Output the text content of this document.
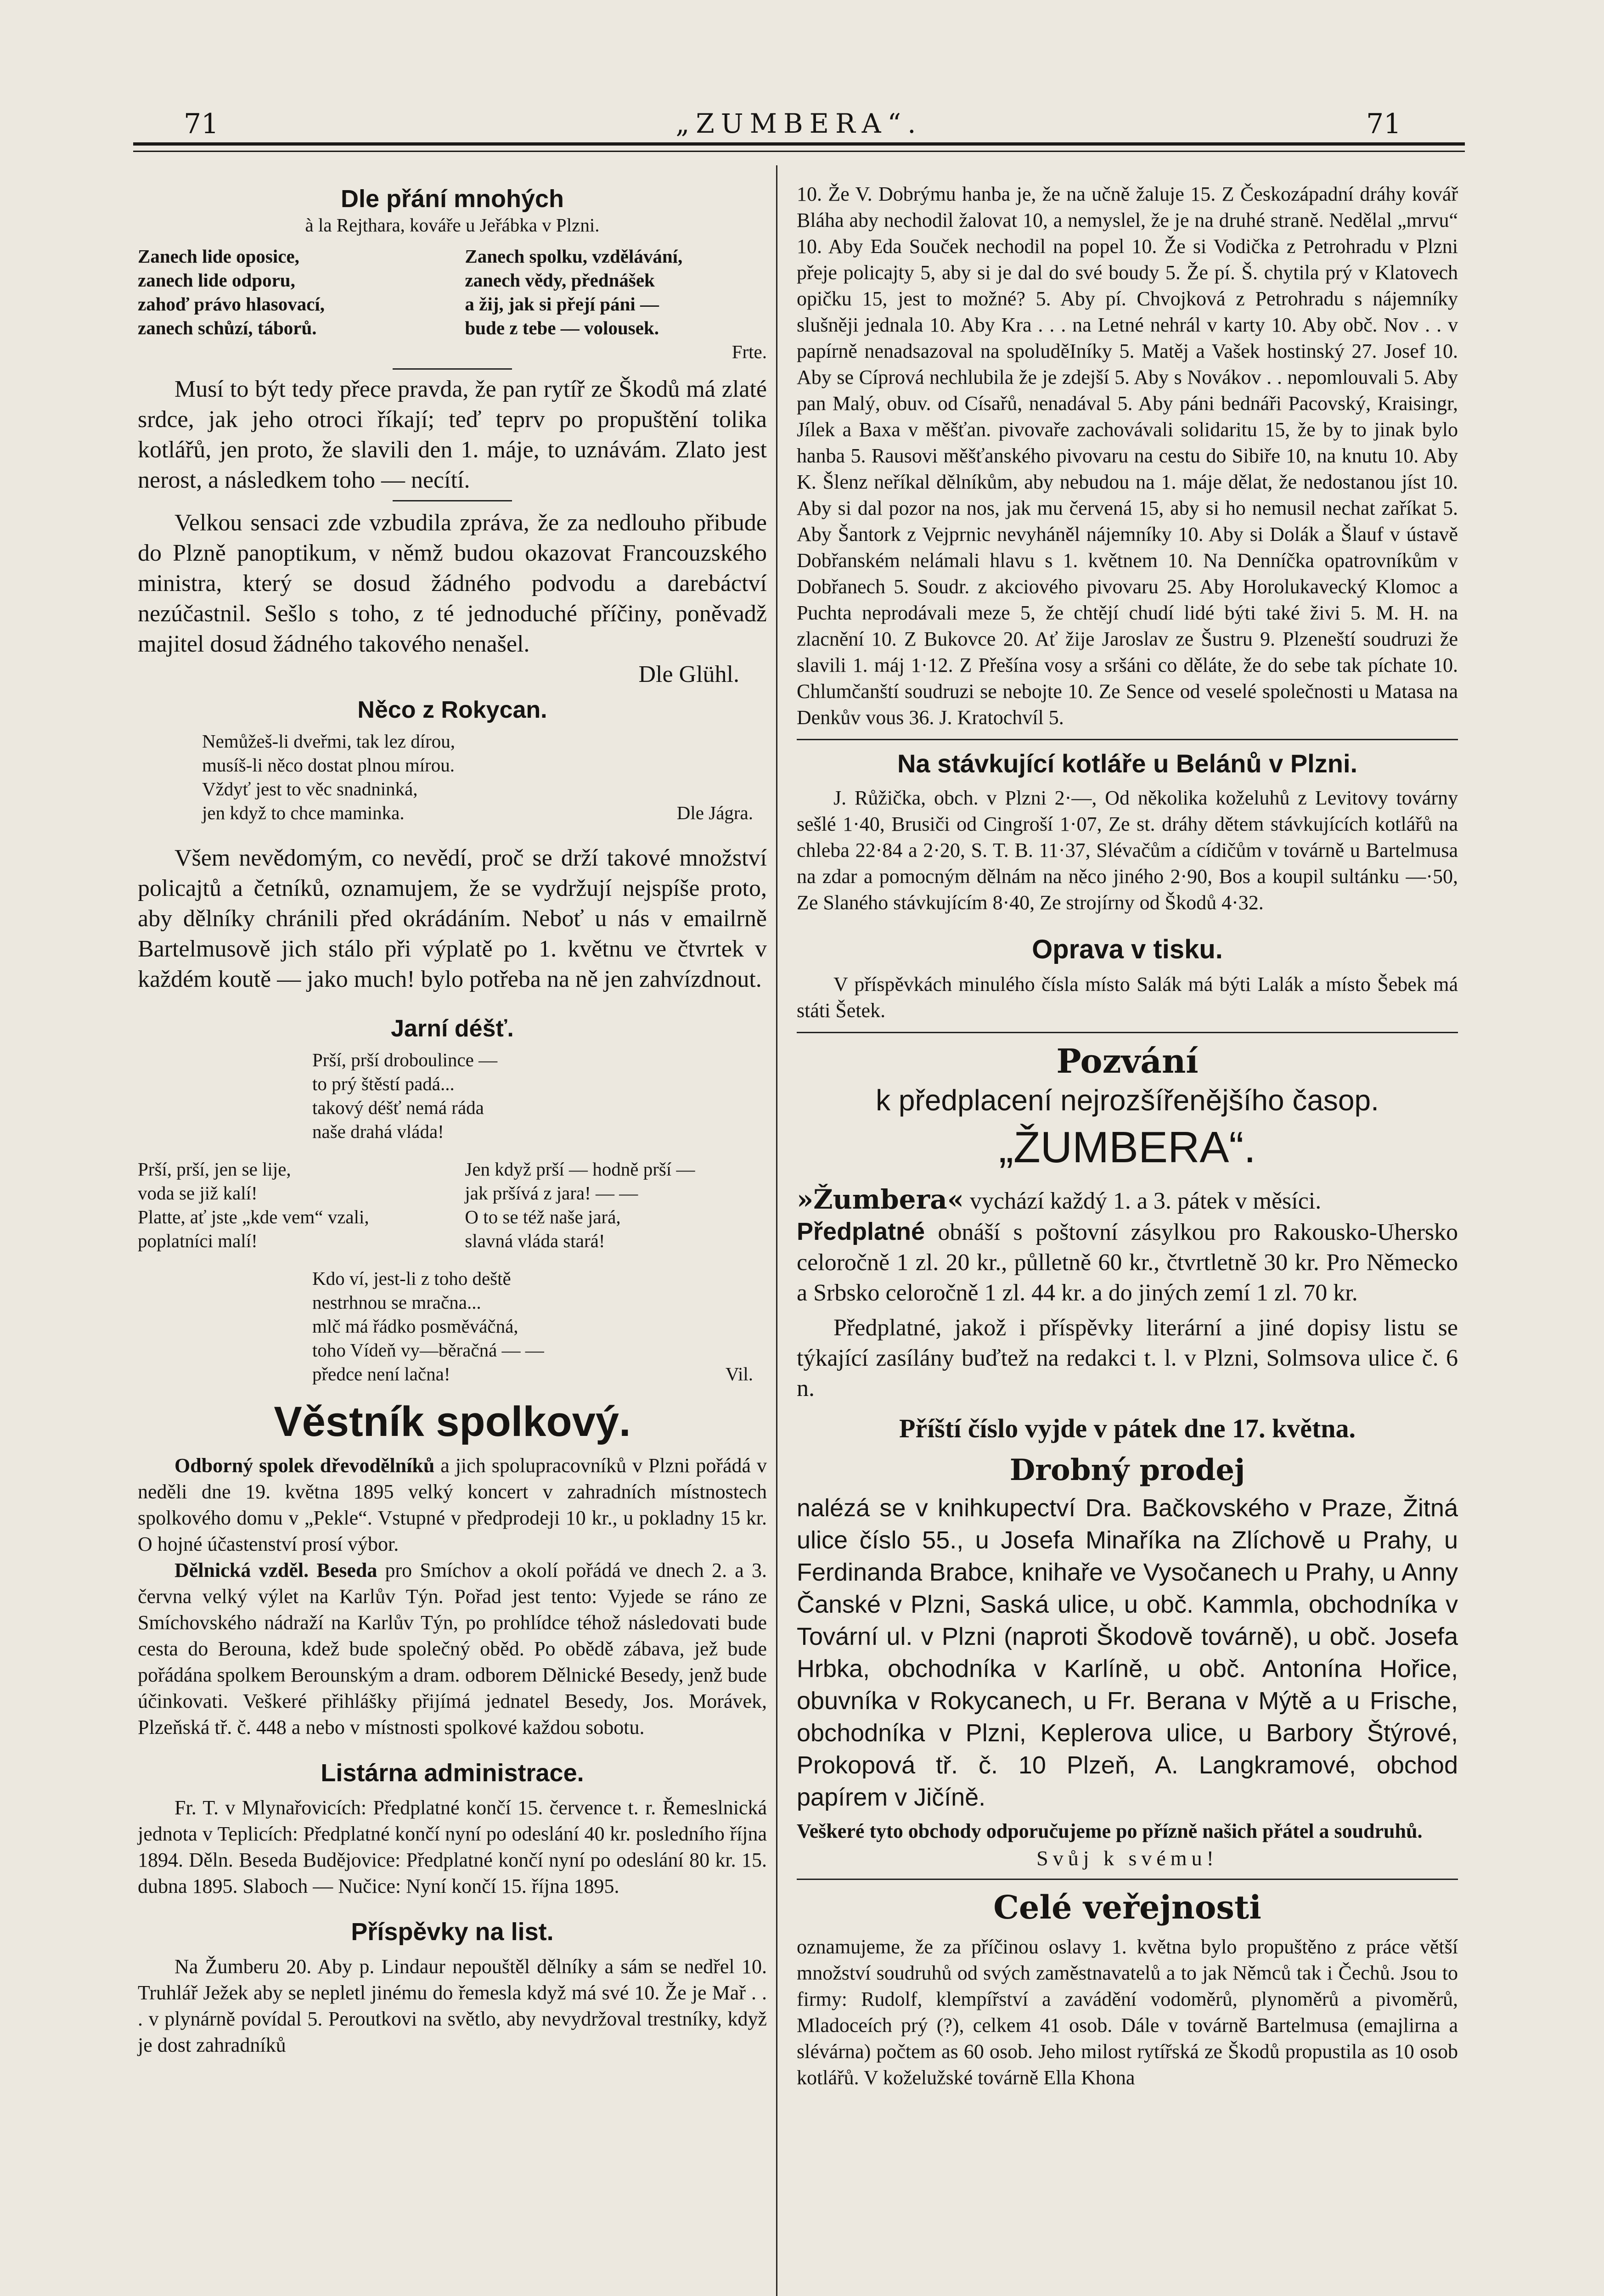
71	„ZUMBERA“.	71
Dle přání mnohých

à la Rejthara, kováře u Jeřábka v Plzni.

Zanech lide oposice,
zanech lide odporu,
zahoď právo hlasovací,
zanech schůzí, táborů.
Zanech spolku, vzdělávání,
zanech vědy, přednášek
a žij, jak si přejí páni —
bude z tebe — volousek.

Frte.

Musí to být tedy přece pravda, že pan rytíř ze Škodů má zlaté srdce, jak jeho otroci říkají; teď teprv po propuštění tolika kotlářů, jen proto, že slavili den 1. máje, to uznávám. Zlato jest nerost, a následkem toho — necítí.

Velkou sensaci zde vzbudila zpráva, že za nedlouho přibude do Plzně panoptikum, v němž budou okazovat Francouzského ministra, který se dosud žádného podvodu a darebáctví nezúčastnil. Sešlo s toho, z té jednoduché příčiny, poněvadž majitel dosud žádného takového nenašel.

Dle Glühl.

Něco z Rokycan.
Nemůžeš-li dveřmi, tak lez dírou,
musíš-li něco dostat plnou mírou.
Vždyť jest to věc snadninká,
jen když to chce maminka.	Dle Jágra.

Všem nevědomým, co nevědí, proč se drží takové množství policajtů a četníků, oznamujem, že se vydržují nejspíše proto, aby dělníky chránili před okrádáním. Neboť u nás v emailrně Bartelmusově jich stálo při výplatě po 1. květnu ve čtvrtek v každém koutě — jako much! bylo potřeba na ně jen zahvízdnout.

Jarní déšť.
Prší, prší droboulince —
to prý štěstí padá...
takový déšť nemá ráda
naše drahá vláda!
Prší, prší, jen se lije,
voda se již kalí!
Platte, ať jste „kde vem“ vzali,
poplatníci malí!
Jen když prší — hodně prší —
jak pršívá z jara! — —
O to se též naše jará,
slavná vláda stará!
Kdo ví, jest-li z toho deště
nestrhnou se mračna...
mlč má řádko posměváčná,
toho Vídeň vy—běračná — —
předce není lačna!	Vil.
Věstník spolkový.

Odborný spolek dřevodělníků a jich spolupracovníků v Plzni pořádá v neděli dne 19. května 1895 velký koncert v zahradních místnostech spolkového domu v „Pekle“. Vstupné v předprodeji 10 kr., u pokladny 15 kr. O hojné účastenství prosí výbor.

Dělnická vzděl. Beseda pro Smíchov a okolí pořádá ve dnech 2. a 3. června velký výlet na Karlův Týn. Pořad jest tento: Vyjede se ráno ze Smíchovského nádraží na Karlův Týn, po prohlídce téhož následovati bude cesta do Berouna, kdež bude společný oběd. Po obědě zábava, jež bude pořádána spolkem Berounským a dram. odborem Dělnické Besedy, jenž bude účinkovati. Veškeré přihlášky přijímá jednatel Besedy, Jos. Morávek, Plzeňská tř. č. 448 a nebo v místnosti spolkové každou sobotu.

Listárna administrace.

Fr. T. v Mlynařovicích: Předplatné končí 15. července t. r. Řemeslnická jednota v Teplicích: Předplatné končí nyní po odeslání 40 kr. posledního října 1894. Děln. Beseda Budějovice: Předplatné končí nyní po odeslání 80 kr. 15. dubna 1895. Slaboch — Nučice: Nyní končí 15. října 1895.

Příspěvky na list.

Na Žumberu 20. Aby p. Lindaur nepouštěl dělníky a sám se nedřel 10. Truhlář Ježek aby se nepletl jinému do řemesla když má své 10. Že je Mař . . . v plynárně povídal 5. Peroutkovi na světlo, aby nevydržoval trestníky, když je dost zahradníků

10. Že V. Dobrýmu hanba je, že na učně žaluje 15. Z Českozápadní dráhy kovář Bláha aby nechodil žalovat 10, a nemyslel, že je na druhé straně. Nedělal „mrvu“ 10. Aby Eda Souček nechodil na popel 10. Že si Vodička z Petrohradu v Plzni přeje policajty 5, aby si je dal do své boudy 5. Že pí. Š. chytila prý v Klatovech opičku 15, jest to možné? 5. Aby pí. Chvojková z Petrohradu s nájemníky slušněji jednala 10. Aby Kra . . . na Letné nehrál v karty 10. Aby obč. Nov . . v papírně nenadsazoval na spoluděIníky 5. Matěj a Vašek hostinský 27. Josef 10. Aby se Cíprová nechlubila že je zdejší 5. Aby s Novákov . . nepomlouvali 5. Aby pan Malý, obuv. od Císařů, nenadával 5. Aby páni bednáři Pacovský, Kraisingr, Jílek a Baxa v měšťan. pivovaře zachovávali solidaritu 15, že by to jinak bylo hanba 5. Rausovi měšťanského pivovaru na cestu do Sibiře 10, na knutu 10. Aby K. Šlenz neříkal dělníkům, aby nebudou na 1. máje dělat, že nedostanou jíst 10. Aby si dal pozor na nos, jak mu červená 15, aby si ho nemusil nechat zaříkat 5. Aby Šantork z Vejprnic nevyháněl nájemníky 10. Aby si Dolák a Šlauf v ústavě Dobřanském nelámali hlavu s 1. květnem 10. Na Denníčka opatrovníkům v Dobřanech 5. Soudr. z akciového pivovaru 25. Aby Horolukavecký Klomoc a Puchta neprodávali meze 5, že chtějí chudí lidé býti také živi 5. M. H. na zlacnění 10. Z Bukovce 20. Ať žije Jaroslav ze Šustru 9. Plzeneští soudruzi že slavili 1. máj 1·12. Z Přešína vosy a sršáni co děláte, že do sebe tak píchate 10. Chlumčanští soudruzi se nebojte 10. Ze Sence od veselé společnosti u Matasa na Denkův vous 36. J. Kratochvíl 5.

Na stávkující kotláře u Belánů v Plzni.

J. Růžička, obch. v Plzni 2·—, Od několika koželuhů z Levitovy továrny sešlé 1·40, Brusiči od Cingroší 1·07, Ze st. dráhy dětem stávkujících kotlářů na chleba 22·84 a 2·20, S. T. B. 11·37, Slévačům a cídičům v továrně u Bartelmusa na zdar a pomocným dělnám na něco jiného 2·90, Bos a koupil sultánku —·50, Ze Slaného stávkujícím 8·40, Ze strojírny od Škodů 4·32.

Oprava v tisku.

V příspěvkách minulého čísla místo Salák má býti Lalák a místo Šebek má státi Šetek.

Pozvání

k předplacení nejrozšířenějšího časop.

„ŽUMBERA“.

»Žumbera« vychází každý 1. a 3. pátek v měsíci.

Předplatné obnáší s poštovní zásylkou pro Rakousko-Uhersko celoročně 1 zl. 20 kr., půlletně 60 kr., čtvrtletně 30 kr. Pro Německo a Srbsko celoročně 1 zl. 44 kr. a do jiných zemí 1 zl. 70 kr.

Předplatné, jakož i příspěvky literární a jiné dopisy listu se týkající zasílány buďtež na redakci t. l. v Plzni, Solmsova ulice č. 6 n.

Příští číslo vyjde v pátek dne 17. května.

Drobný prodej

nalézá se v knihkupectví Dra. Bačkovského v Praze, Žitná ulice číslo 55., u Josefa Minaříka na Zlíchově u Prahy, u Ferdinanda Brabce, knihaře ve Vysočanech u Prahy, u Anny Čanské v Plzni, Saská ulice, u obč. Kammla, obchodníka v Tovární ul. v Plzni (naproti Škodově továrně), u obč. Josefa Hrbka, obchodníka v Karlíně, u obč. Antonína Hořice, obuvníka v Rokycanech, u Fr. Berana v Mýtě a u Frische, obchodníka v Plzni, Keplerova ulice, u Barbory Štýrové, Prokopová tř. č. 10 Plzeň, A. Langkramové, obchod papírem v Jičíně.

Veškeré tyto obchody odporučujeme po přízně našich přátel a soudruhů.

Svůj k svému!

Celé veřejnosti

oznamujeme, že za příčinou oslavy 1. května bylo propuštěno z práce větší množství soudruhů od svých zaměstnavatelů a to jak Němců tak i Čechů. Jsou to firmy: Rudolf, klempířství a zavádění vodoměrů, plynoměrů a pivoměrů, Mladoceích prý (?), celkem 41 osob. Dále v továrně Bartelmusa (emajlirna a slévárna) počtem as 60 osob. Jeho milost rytířská ze Škodů propustila as 10 osob kotlářů. V koželužské továrně Ella Khona
